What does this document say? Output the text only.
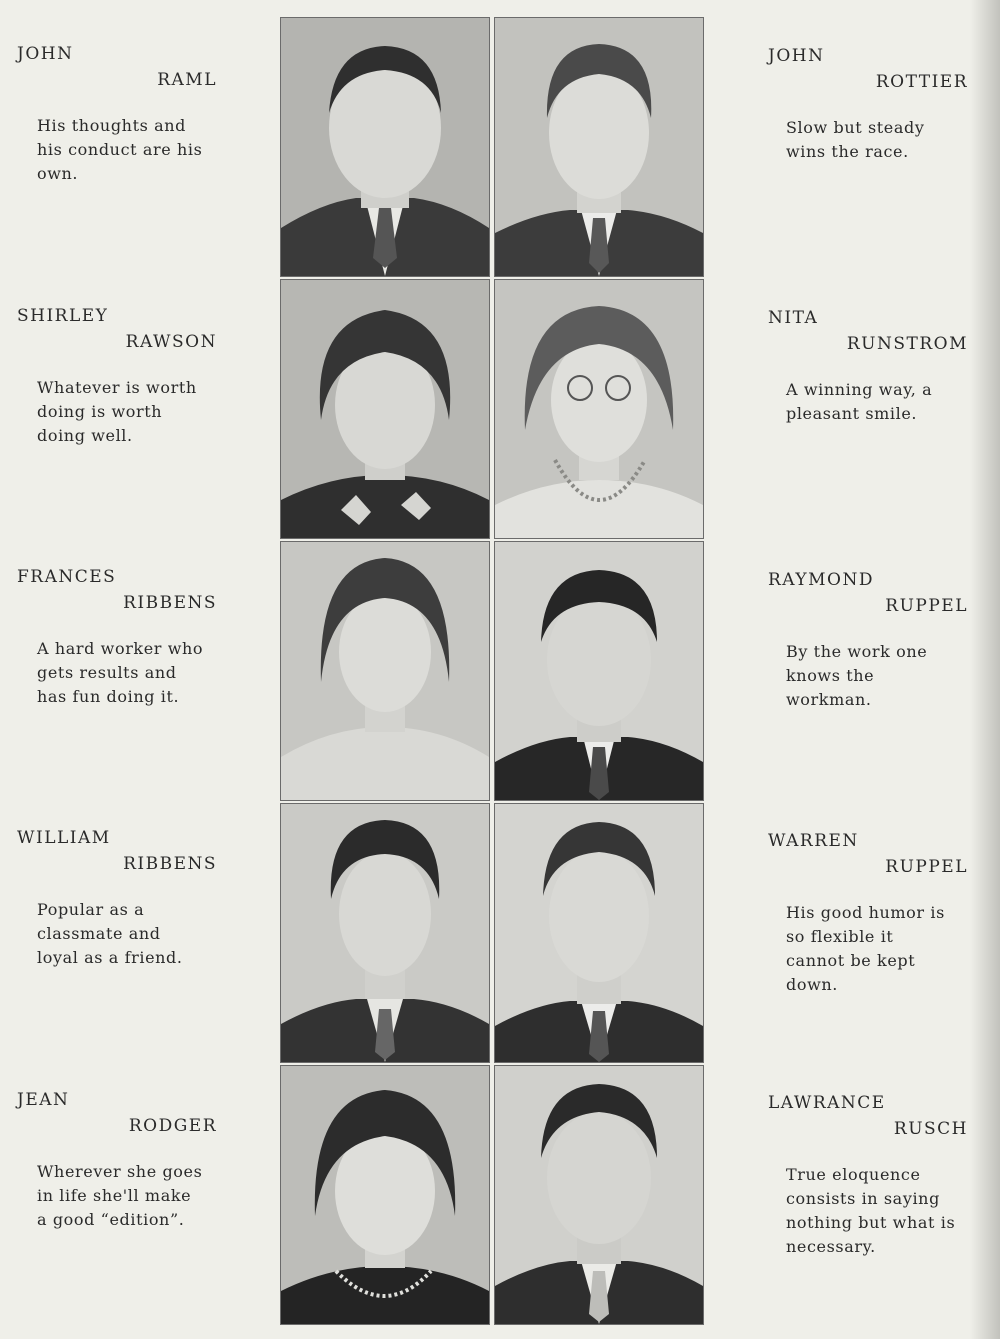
JOHN
RAML
His thoughts and his conduct are his own.
JOHN
ROTTIER
Slow but steady wins the race.
SHIRLEY
RAWSON
Whatever is worth doing is worth doing well.
NITA
RUNSTROM
A winning way, a pleasant smile.
FRANCES
RIBBENS
A hard worker who gets results and has fun doing it.
RAYMOND
RUPPEL
By the work one knows the workman.
WILLIAM
RIBBENS
Popular as a classmate and loyal as a friend.
WARREN
RUPPEL
His good humor is so flexible it cannot be kept down.
JEAN
RODGER
Wherever she goes in life she'll make a good “edition”.
LAWRANCE
RUSCH
True eloquence consists in saying nothing but what is necessary.
